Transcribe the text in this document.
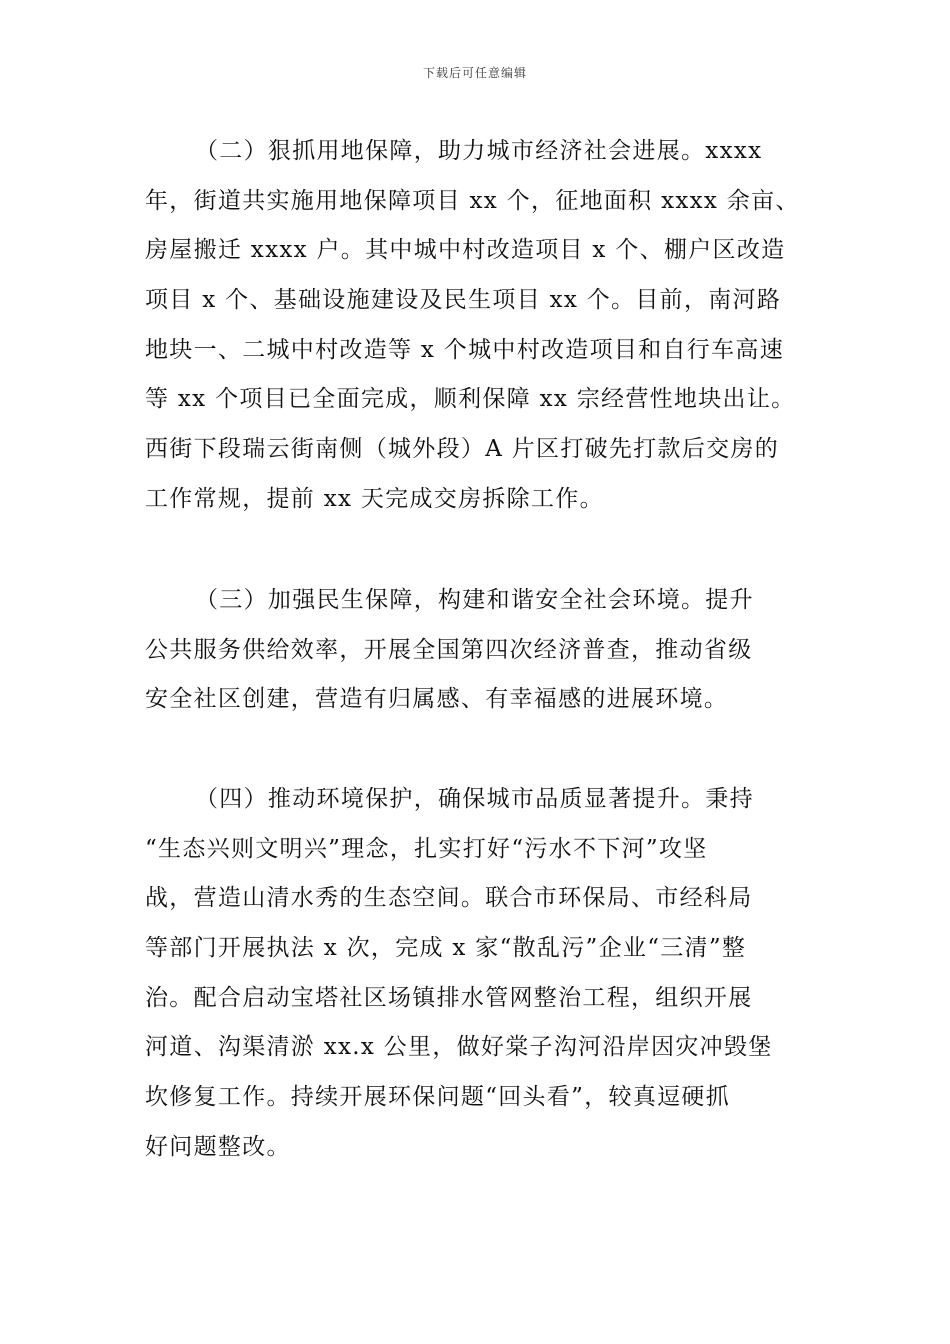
下载后可任意编辑
（二）狠抓用地保障，助力城市经济社会进展。xxxx
年，街道共实施用地保障项目 xx 个，征地面积 xxxx 余亩、
房屋搬迁 xxxx 户。其中城中村改造项目 x 个、棚户区改造
项目 x 个、基础设施建设及民生项目 xx 个。目前，南河路
地块一、二城中村改造等 x 个城中村改造项目和自行车高速
等 xx 个项目已全面完成，顺利保障 xx 宗经营性地块出让。
西街下段瑞云街南侧（城外段）A 片区打破先打款后交房的
工作常规，提前 xx 天完成交房拆除工作。
（三）加强民生保障，构建和谐安全社会环境。提升
公共服务供给效率，开展全国第四次经济普查，推动省级
安全社区创建，营造有归属感、有幸福感的进展环境。
（四）推动环境保护，确保城市品质显著提升。秉持
“生态兴则文明兴”理念，扎实打好“污水不下河”攻坚
战，营造山清水秀的生态空间。联合市环保局、市经科局
等部门开展执法 x 次，完成 x 家“散乱污”企业“三清”整
治。配合启动宝塔社区场镇排水管网整治工程，组织开展
河道、沟渠清淤 xx.x 公里，做好棠子沟河沿岸因灾冲毁堡
坎修复工作。持续开展环保问题“回头看”，较真逗硬抓
好问题整改。
